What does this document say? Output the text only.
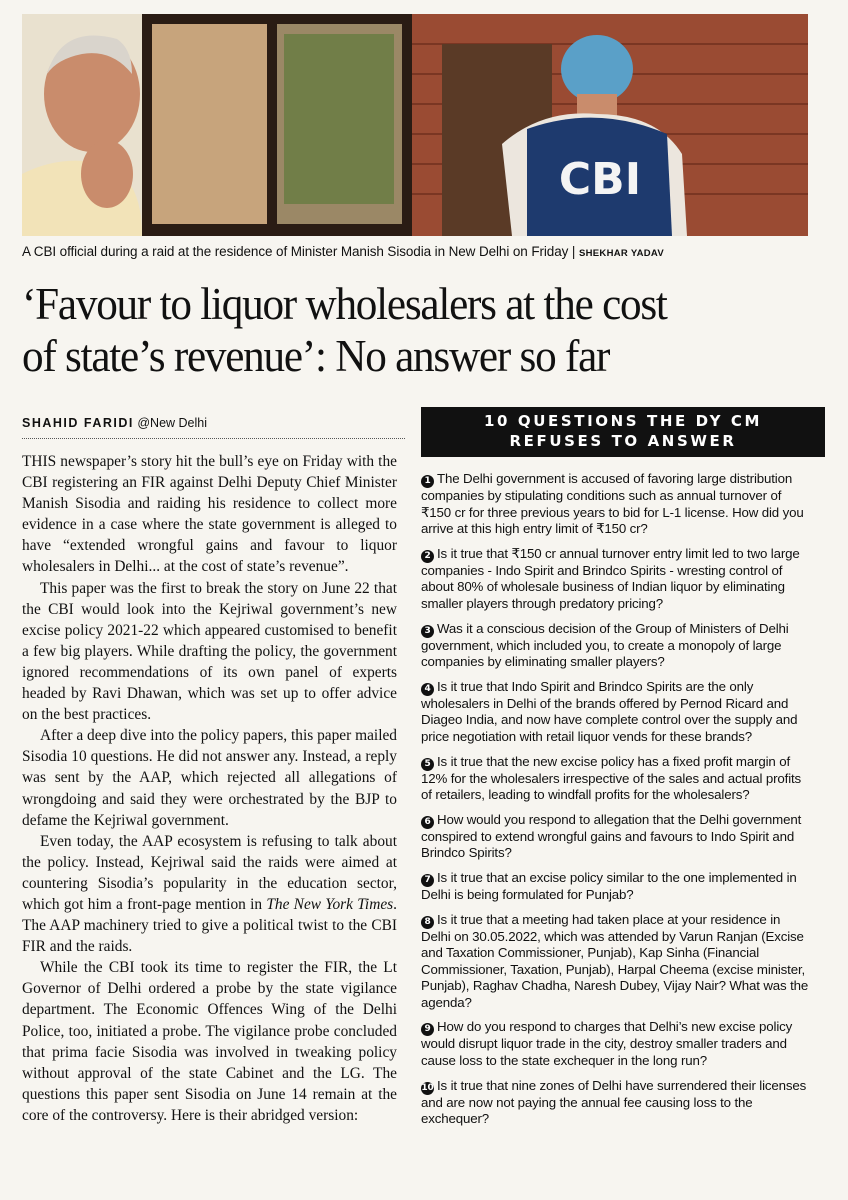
CBI
A CBI official during a raid at the residence of Minister Manish Sisodia in New Delhi on Friday | SHEKHAR YADAV
‘Favour to liquor wholesalers at the cost
of state’s revenue’: No answer so far
SHAHID FARIDI @New Delhi

THIS newspaper’s story hit the bull’s eye on Friday with the CBI registering an FIR against Delhi Deputy Chief Minister Manish Sisodia and raiding his residence to collect more evidence in a case where the state government is alleged to have “extended wrongful gains and favour to liquor wholesalers in Delhi... at the cost of state’s revenue”.

This paper was the first to break the story on June 22 that the CBI would look into the Kejriwal government’s new excise policy 2021-22 which appeared customised to benefit a few big players. While drafting the policy, the government ignored recommendations of its own panel of experts headed by Ravi Dhawan, which was set up to offer advice on the best practices.

After a deep dive into the policy papers, this paper mailed Sisodia 10 questions. He did not answer any. Instead, a reply was sent by the AAP, which rejected all allegations of wrongdoing and said they were orchestrated by the BJP to defame the Kejriwal government.

Even today, the AAP ecosystem is refusing to talk about the policy. Instead, Kejriwal said the raids were aimed at countering Sisodia’s popularity in the education sector, which got him a front-page mention in The New York Times. The AAP machinery tried to give a political twist to the CBI FIR and the raids.

While the CBI took its time to register the FIR, the Lt Governor of Delhi ordered a probe by the state vigilance department. The Economic Offences Wing of the Delhi Police, too, initiated a probe. The vigilance probe concluded that prima facie Sisodia was involved in tweaking policy without approval of the state Cabinet and the LG. The questions this paper sent Sisodia on June 14 remain at the core of the controversy. Here is their abridged version:

10 QUESTIONS THE DY CM
REFUSES TO ANSWER
1 The Delhi government is accused of favoring large distribution companies by stipulating conditions such as annual turnover of ₹150 cr for three previous years to bid for L-1 license. How did you arrive at this high entry limit of ₹150 cr?
2 Is it true that ₹150 cr annual turnover entry limit led to two large companies - Indo Spirit and Brindco Spirits - wresting control of about 80% of wholesale business of Indian liquor by eliminating smaller players through predatory pricing?
3 Was it a conscious decision of the Group of Ministers of Delhi government, which included you, to create a monopoly of large companies by eliminating smaller players?
4 Is it true that Indo Spirit and Brindco Spirits are the only wholesalers in Delhi of the brands offered by Pernod Ricard and Diageo India, and now have complete control over the supply and price negotiation with retail liquor vends for these brands?
5 Is it true that the new excise policy has a fixed profit margin of 12% for the wholesalers irrespective of the sales and actual profits of retailers, leading to windfall profits for the wholesalers?
6 How would you respond to allegation that the Delhi government conspired to extend wrongful gains and favours to Indo Spirit and Brindco Spirits?
7 Is it true that an excise policy similar to the one implemented in Delhi is being formulated for Punjab?
8 Is it true that a meeting had taken place at your residence in Delhi on 30.05.2022, which was attended by Varun Ranjan (Excise and Taxation Commissioner, Punjab), Kap Sinha (Financial Commissioner, Taxation, Punjab), Harpal Cheema (excise minister, Punjab), Raghav Chadha, Naresh Dubey, Vijay Nair? What was the agenda?
9 How do you respond to charges that Delhi’s new excise policy would disrupt liquor trade in the city, destroy smaller traders and cause loss to the state exchequer in the long run?
10 Is it true that nine zones of Delhi have surrendered their licenses and are now not paying the annual fee causing loss to the exchequer?
